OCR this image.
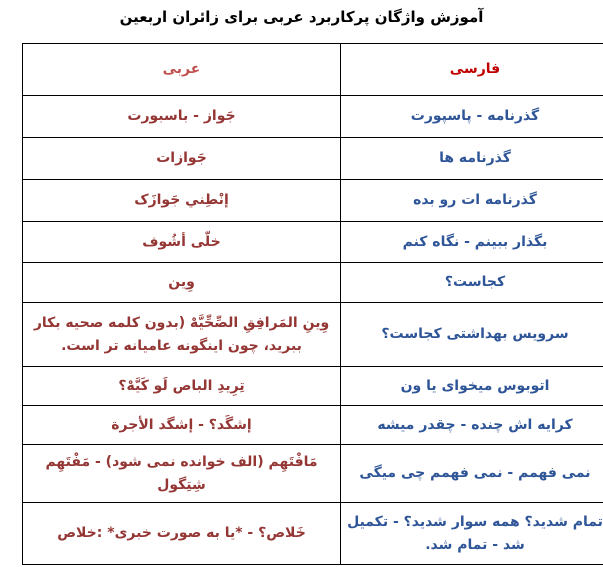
آموزش واژگان پرکاربرد عربی برای زائران اربعین
فارسی	عربی
گذرنامه - پاسپورت	جَواز - باسبورت
گذرنامه ها	جَوازات
گذرنامه ات رو بده	إنْطِني جَوازَک
بگذار ببینم - نگاه کنم	خلّی أشُوف
کجاست؟	وِین
سرویس بهداشتی کجاست؟	وِینِ المَرافِقِ الصِّحِّیَّهْ (بدون کلمه صحیه بکار ببرید، چون اینگونه عامیانه تر است.
اتوبوس میخوای یا ون	تِرِیدِ الباص لَو کَیَّهْ؟
کرایه اش چنده - چقدر میشه	إشگَد؟ - إشگد الأجرة
نمی فهمم - نمی فهمم چی میگی	مَافْتَهِم (الف خوانده نمی شود) - مَفْتَهِم شِتِگول
تمام شدید؟ همه سوار شدید؟ - تکمیل شد - تمام شد.	خَلاص؟ - *یا به صورت خبری* :خلاص
